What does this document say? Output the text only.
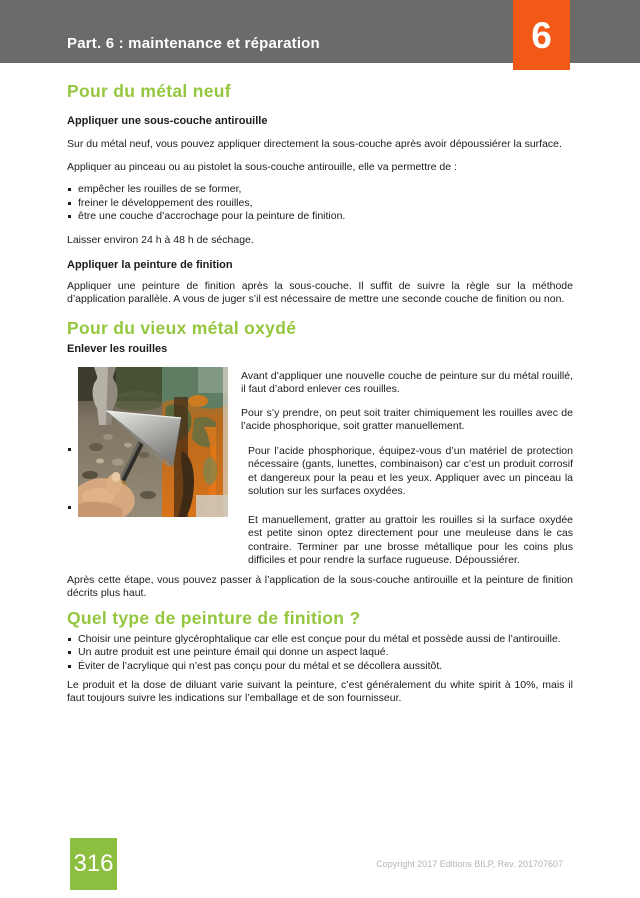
Part. 6 : maintenance et réparation	6
Pour du métal neuf
Appliquer une sous-couche antirouille

Sur du métal neuf, vous pouvez appliquer directement la sous-couche après avoir dépoussiérer la surface.

Appliquer au pinceau ou au pistolet la sous-couche antirouille, elle va permettre de :

empêcher les rouilles de se former,
freiner le développement des rouilles,
être une couche d’accrochage pour la peinture de finition.

Laisser environ 24 h à 48 h de séchage.

Appliquer la peinture de finition

Appliquer une peinture de finition après la sous-couche. Il suffit de suivre la règle sur la méthode d’application parallèle. A vous de juger s’il est nécessaire de mettre une seconde couche de finition ou non.

Pour du vieux métal oxydé
Enlever les rouilles

Avant d’appliquer une nouvelle couche de peinture sur du métal rouillé, il faut d’abord enlever ces rouilles.

Pour s’y prendre, on peut soit traiter chimiquement les rouilles avec de l’acide phosphorique, soit gratter manuellement.

Pour l’acide phosphorique, équipez-vous d’un matériel de protection nécessaire (gants, lunettes, combinaison) car c’est un produit corrosif et dangereux pour la peau et les yeux. Appliquer avec un pinceau la solution sur les surfaces oxydées.

Et manuellement, gratter au grattoir les rouilles si la surface oxydée est petite sinon optez directement pour une meuleuse dans le cas contraire. Terminer par une brosse métallique pour les coins plus difficiles et pour rendre la surface rugueuse. Dépoussiérer.

Après cette étape, vous pouvez passer à l’application de la sous-couche antirouille et la peinture de finition décrits plus haut.

Quel type de peinture de finition ?
Choisir une peinture glycérophtalique car elle est conçue pour du métal et possède aussi de l’antirouille.
Un autre produit est une peinture émail qui donne un aspect laqué.
Éviter de l’acrylique qui n’est pas conçu pour du métal et se décollera aussitôt.

Le produit et la dose de diluant varie suivant la peinture, c’est généralement du white spirit à 10%, mais il faut toujours suivre les indications sur l’emballage et de son fournisseur.

316	Copyright 2017 Editions BILP, Rev. 201707607
